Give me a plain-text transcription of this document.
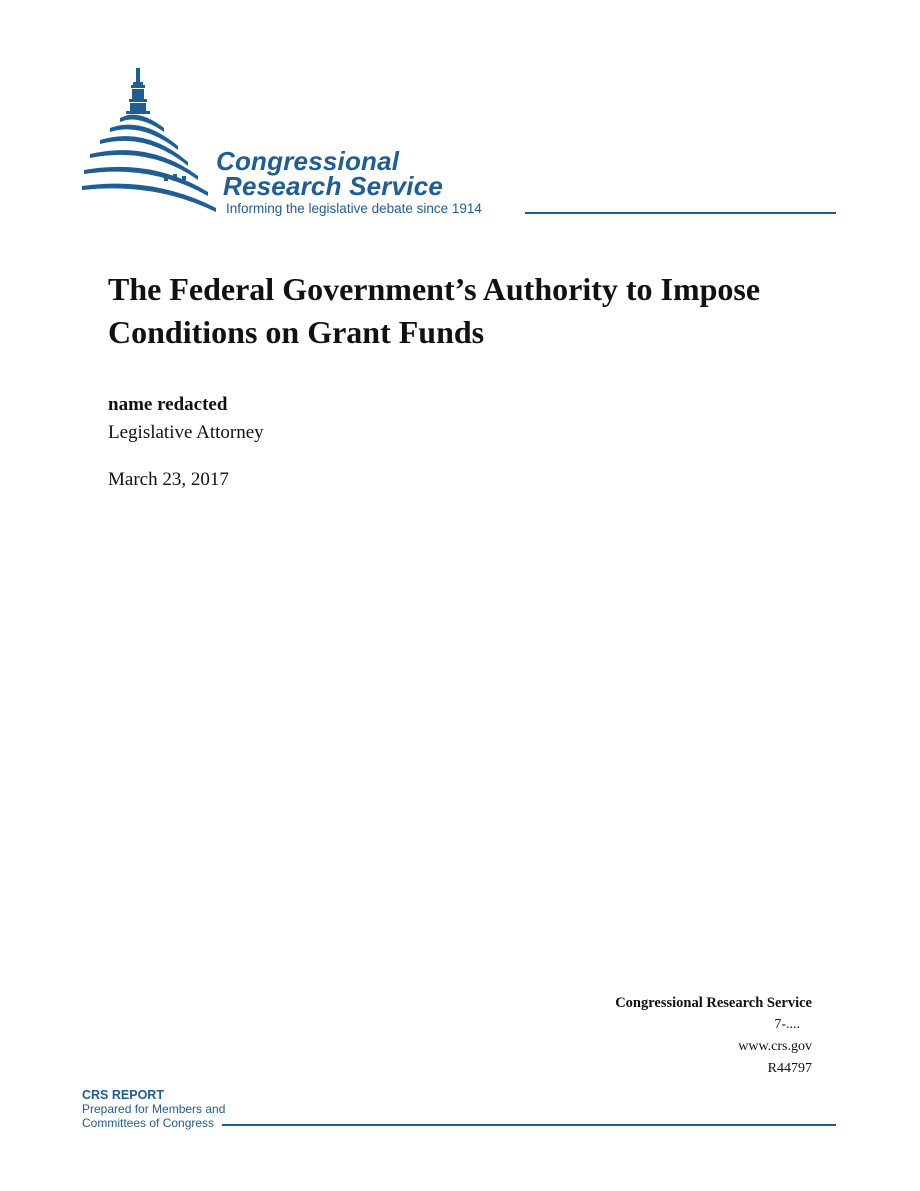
Congressional
Research Service
Informing the legislative debate since 1914
The Federal Government’s Authority to Impose Conditions on Grant Funds
name redacted
Legislative Attorney
March 23, 2017
Congressional Research Service
7-....
www.crs.gov
R44797
CRS REPORT
Prepared for Members and
Committees of Congress
